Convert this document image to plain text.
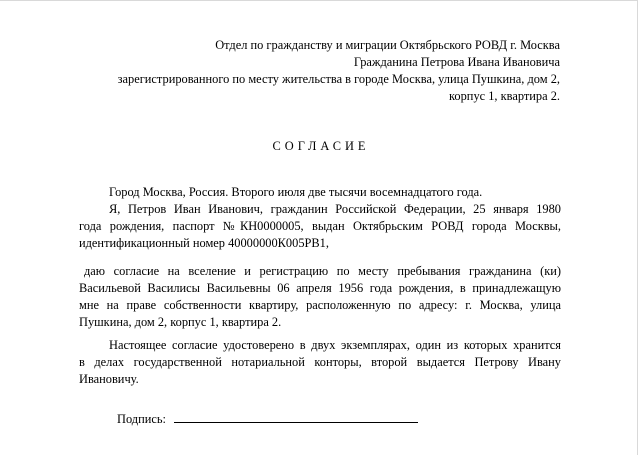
Отдел по гражданству и миграции Октябрьского РОВД г. Москва
Гражданина Петрова Ивана Ивановича
зарегистрированного по месту жительства в городе Москва, улица Пушкина, дом 2,
корпус 1, квартира 2.
СОГЛАСИЕ
Город Москва, Россия. Второго июля две тысячи восемнадцатого года.
Я, Петров Иван Иванович, гражданин Российской Федерации, 25 января 1980
года рождения, паспорт №КН0000005, выдан Октябрьским РОВД города Москвы,
идентификационный номер 40000000К005РВ1,
даю согласие на вселение и регистрацию по месту пребывания гражданина (ки)
Васильевой Василисы Васильевны 06 апреля 1956 года рождения, в принадлежащую
мне на праве собственности квартиру, расположенную по адресу: г. Москва, улица
Пушкина, дом 2, корпус 1, квартира 2.
Настоящее согласие удостоверено в двух экземплярах, один из которых хранится
в делах государственной нотариальной конторы, второй выдается Петрову Ивану
Ивановичу.
Подпись:
